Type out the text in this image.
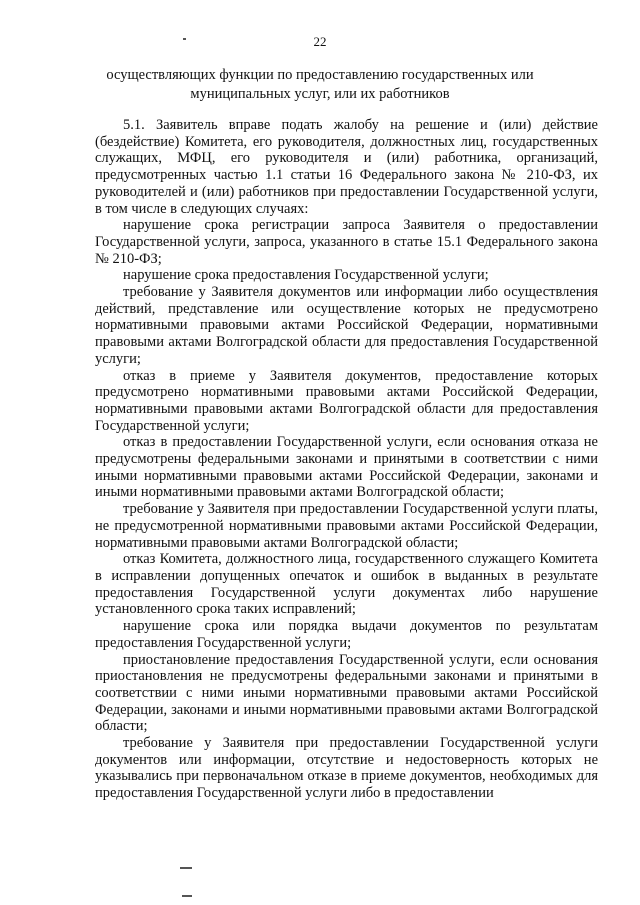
22
осуществляющих функции по предоставлению государственных или
муниципальных услуг, или их работников

5.1. Заявитель вправе подать жалобу на решение и (или) действие (бездействие) Комитета, его руководителя, должностных лиц, государственных служащих, МФЦ, его руководителя и (или) работника, организаций, предусмотренных частью 1.1 статьи 16 Федерального закона № 210-ФЗ, их руководителей и (или) работников при предоставлении Государственной услуги, в том числе в следующих случаях:

нарушение срока регистрации запроса Заявителя о предоставлении Государственной услуги, запроса, указанного в статье 15.1 Федерального закона № 210-ФЗ;

нарушение срока предоставления Государственной услуги;

требование у Заявителя документов или информации либо осуществления действий, представление или осуществление которых не предусмотрено нормативными правовыми актами Российской Федерации, нормативными правовыми актами Волгоградской области для предоставления Государственной услуги;

отказ в приеме у Заявителя документов, предоставление которых предусмотрено нормативными правовыми актами Российской Федерации, нормативными правовыми актами Волгоградской области для предоставления Государственной услуги;

отказ в предоставлении Государственной услуги, если основания отказа не предусмотрены федеральными законами и принятыми в соответствии с ними иными нормативными правовыми актами Российской Федерации, законами и иными нормативными правовыми актами Волгоградской области;

требование у Заявителя при предоставлении Государственной услуги платы, не предусмотренной нормативными правовыми актами Российской Федерации, нормативными правовыми актами Волгоградской области;

отказ Комитета, должностного лица, государственного служащего Комитета в исправлении допущенных опечаток и ошибок в выданных в результате предоставления Государственной услуги документах либо нарушение установленного срока таких исправлений;

нарушение срока или порядка выдачи документов по результатам предоставления Государственной услуги;

приостановление предоставления Государственной услуги, если основания приостановления не предусмотрены федеральными законами и принятыми в соответствии с ними иными нормативными правовыми актами Российской Федерации, законами и иными нормативными правовыми актами Волгоградской области;

требование у Заявителя при предоставлении Государственной услуги документов или информации, отсутствие и недостоверность которых не указывались при первоначальном отказе в приеме документов, необходимых для предоставления Государственной услуги либо в предоставлении
